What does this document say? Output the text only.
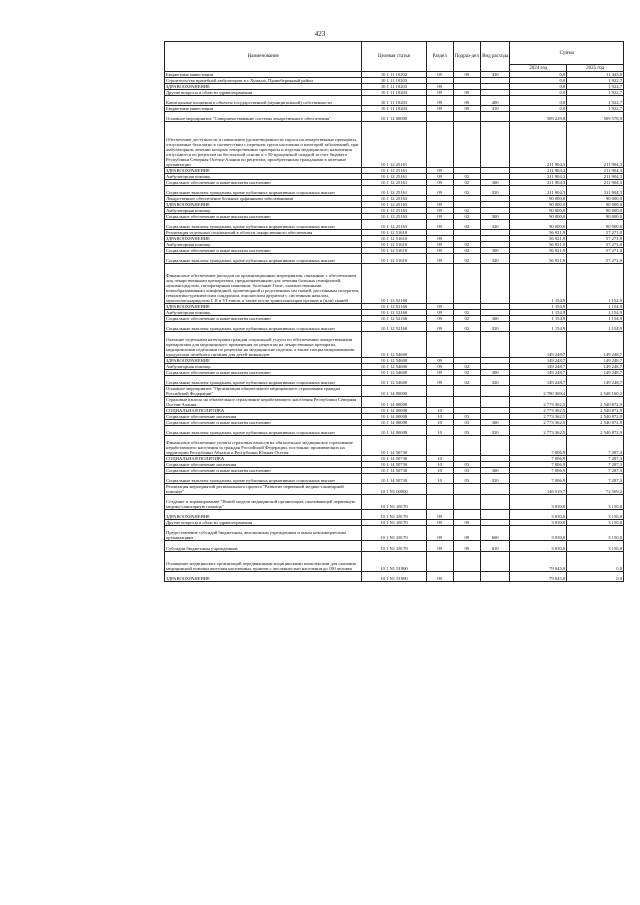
423
Наименование	Целевая статья	Раздел	Подраз-дел	Вид расхода	Сумма	
					2024 год	2025 год
Бюджетные инвестиции	10 1 11 10202	05	09	410	0,0	11 443,8
Строительство врачебной амбулатории в с.Хумалаг, Правобережный район	10 1 11 10203				0,0	1 922,7
ЗДРАВООХРАНЕНИЕ	10 1 11 10203	09			0,0	1 922,7
Другие вопросы в области здравоохранения	10 1 11 10203	09	09		0,0	1 922,7
Капитальные вложения в объекты государственной (муниципальной) собственности	10 1 11 10203	09	09	400	0,0	1 922,7
Бюджетные инвестиции	10 1 11 10203	09	09	410	0,0	1 922,7
Основное мероприятие "Совершенствование системы лекарственного обеспечения"	10 1 12 00000				509 229,8	509 578,9
Обеспечение доступности и повышение удовлетворенности спроса на лекарственные препараты, отпускаемые бесплатно в соответствии с перечнем групп населения и категорий заболеваний, при амбулаторном лечении которых лекарственные препараты и изделия медицинского назначения отпускаются по рецептам на бесплатной основе и с 50-процентной скидкой за счет бюджета Республики Северная Осетия-Алания по рецептам, приобретенным гражданами в аптечные организации	10 1 12 25161				211 904,3	211 904,3
ЗДРАВООХРАНЕНИЕ	10 1 12 25161	09			211 904,3	211 904,3
Амбулаторная помощь	10 1 12 25161	09	02		211 904,3	211 904,3
Социальное обеспечение и иные выплаты населению	10 1 12 25161	09	02	300	211 904,3	211 904,3
Социальные выплаты гражданам, кроме публичных нормативных социальных выплат	10 1 12 25161	09	02	320	211 904,3	211 904,3
Лекарственное обеспечение больных орфанными заболеваниями	10 1 12 25163				90 000,0	90 000,0
ЗДРАВООХРАНЕНИЕ	10 1 12 25163	09			90 000,0	90 000,0
Амбулаторная помощь	10 1 12 25163	09	02		90 000,0	90 000,0
Социальное обеспечение и иные выплаты населению	10 1 12 25163	09	02	300	90 000,0	90 000,0
Социальные выплаты гражданам, кроме публичных нормативных социальных выплат	10 1 12 25163	09	02	320	90 000,0	90 000,0
Реализация отдельных полномочий в области лекарственного обеспечения	10 1 12 51610				56 921,9	57 271,0
ЗДРАВООХРАНЕНИЕ	10 1 12 51610	09			56 921,9	57 271,0
Амбулаторная помощь	10 1 12 51610	09	02		56 921,9	57 271,0
Социальное обеспечение и иные выплаты населению	10 1 12 51610	09	02	300	56 921,9	57 271,0
Социальные выплаты гражданам, кроме публичных нормативных социальных выплат	10 1 12 51610	09	02	320	56 921,9	57 271,0
Финансовое обеспечение расходов на организационные мероприятия, связанные с обеспечением лиц лекарственными препаратами, предназначенными для лечения больных гемофилией, муковисцидозом, гипофизарным нанизмом, болезнью Гоше, злокачественными новообразованиями лимфоидной, кроветворной и родственных им тканей, рассеянным склерозом, гемолитико-уремическим синдромом, юношеским артритом с системным началом, мукополисахаридозом I, II и VI типов, а также после трансплантации органов и (или) тканей	10 1 12 52160				1 154,9	1 154,9
ЗДРАВООХРАНЕНИЕ	10 1 12 52160	09			1 154,9	1 154,9
Амбулаторная помощь	10 1 12 52160	09	02		1 154,9	1 154,9
Социальное обеспечение и иные выплаты населению	10 1 12 52160	09	02	300	1 154,9	1 154,9
Социальные выплаты гражданам, кроме публичных нормативных социальных выплат	10 1 12 52160	09	02	320	1 154,9	1 154,9
Оказание отдельным категориям граждан социальной услуги по обеспечению лекарственными препаратами для медицинского применения по рецептам на лекарственные препараты, медицинскими изделиями по рецептам на медицинские изделия, а также специализированными продуктами лечебного питания для детей-инвалидов	10 1 12 54600				149 248,7	149 248,7
ЗДРАВООХРАНЕНИЕ	10 1 12 54600	09			149 248,7	149 248,7
Амбулаторная помощь	10 1 12 54600	09	02		149 248,7	149 248,7
Социальное обеспечение и иные выплаты населению	10 1 12 54600	09	02	300	149 248,7	149 248,7
Социальные выплаты гражданам, кроме публичных нормативных социальных выплат	10 1 12 54600	09	02	320	149 248,7	149 248,7
Основное мероприятие "Организация обязательного медицинского страхования граждан Российской Федерации"	10 1 14 00000				2 780 369,4	2 548 160,2
Страховые взносы на обязательное страхование неработающего населения Республики Северная Осетия-Алания	10 1 14 00008				2 773 362,5	2 540 872,9
СОЦИАЛЬНАЯ ПОЛИТИКА	10 1 14 00008	10			2 773 362,5	2 540 872,9
Социальное обеспечение населения	10 1 14 00008	10	03		2 773 362,5	2 540 872,9
Социальное обеспечение и иные выплаты населению	10 1 14 00008	10	03	300	2 773 362,5	2 540 872,9
Социальные выплаты гражданам, кроме публичных нормативных социальных выплат	10 1 14 00008	10	03	320	2 773 362,5	2 540 872,9
Финансовое обеспечение уплаты страховых взносов на обязательное медицинское страхование неработающего населения за граждан Российской Федерации, постоянно проживающих на территории Республики Абхазия и Республики Южная Осетия	10 1 14 50730				7 006,9	7 287,3
СОЦИАЛЬНАЯ ПОЛИТИКА	10 1 14 50730	10			7 006,9	7 287,3
Социальное обеспечение населения	10 1 14 50730	10	03		7 006,9	7 287,3
Социальное обеспечение и иные выплаты населению	10 1 14 50730	10	03	300	7 006,9	7 287,3
Социальные выплаты гражданам, кроме публичных нормативных социальных выплат	10 1 14 50730	10	03	320	7 006,9	7 287,3
Реализация мероприятий регионального проекта "Развитие первичной медико-санитарной помощи"	10 1 N1 00000				146 519,7	72 509,2
Создание и тиражирование "Новой модели медицинской организации, оказывающей первичную медико-санитарную помощь"	10 1 N1 28170				3 030,0	3 150,0
ЗДРАВООХРАНЕНИЕ	10 1 N1 28170	09			3 030,0	3 150,0
Другие вопросы в области здравоохранения	10 1 N1 28170	09	09		3 030,0	3 150,0
Предоставление субсидий бюджетным, автономным учреждениям и иным некоммерческим организациям	10 1 N1 28170	09	09	600	3 030,0	3 150,0
Субсидии бюджетным учреждениям	10 1 N1 28170	09	09	610	3 030,0	3 150,0
Оснащение медицинских организаций передвижными медицинскими комплексами для оказания медицинской помощи жителям населенных пунктов с численностью населения до 100 человек	10 1 N1 51900				79 045,0	0,0
ЗДРАВООХРАНЕНИЕ	10 1 N1 51900	09			79 045,0	0,0
